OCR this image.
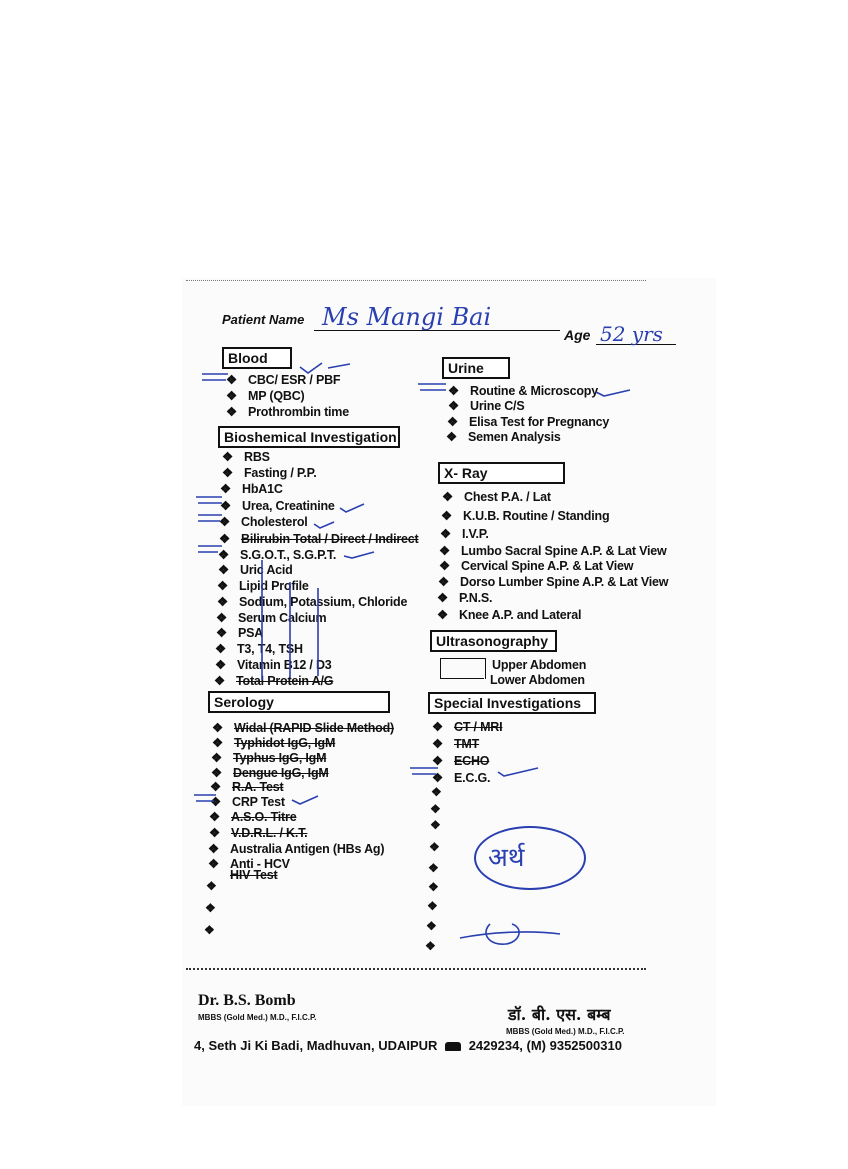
Patient Name Ms Mangi Bai
Age 52 yrs
Blood
Bioshemical Investigation
Serology
Urine
X- Ray
Ultrasonography
Special Investigations
❖ CBC/ ESR / PBF
❖ MP (QBC)
❖ Prothrombin time
❖ RBS
❖ Fasting / P.P.
❖ HbA1C
❖ Urea, Creatinine
❖ Cholesterol
❖ Bilirubin Total / Direct / Indirect
❖ S.G.O.T., S.G.P.T.
❖ Uric Acid
❖ Lipid Profile
❖ Sodium, Potassium, Chloride
❖ Serum Calcium
❖ PSA
❖ T3, T4, TSH
❖ Vitamin B12 / D3
❖ Total Protein A/G
❖ Widal (RAPID Slide Method)
❖ Typhidot IgG, IgM
❖ Typhus IgG, IgM
❖ Dengue IgG, IgM
❖ R.A. Test
❖ CRP Test
❖ A.S.O. Titre
❖ V.D.R.L. / K.T.
❖ Australia Antigen (HBs Ag)
❖ Anti - HCV
HIV Test
❖
❖
❖
❖ Routine & Microscopy
❖ Urine C/S
❖ Elisa Test for Pregnancy
❖ Semen Analysis
❖ Chest P.A. / Lat
❖ K.U.B. Routine / Standing
❖ I.V.P.
❖ Lumbo Sacral Spine A.P. & Lat View
❖ Cervical Spine A.P. & Lat View
❖ Dorso Lumber Spine A.P. & Lat View
❖ P.N.S.
❖ Knee A.P. and Lateral
Upper Abdomen
Lower Abdomen
❖ CT / MRI
❖ TMT
❖ ECHO
❖ E.C.G.
❖
❖
❖
❖
❖
❖
❖
❖
❖
अर्थ
Dr. B.S. Bomb
MBBS (Gold Med.) M.D., F.I.C.P.	डॉ. बी. एस. बम्ब
MBBS (Gold Med.) M.D., F.I.C.P.
4, Seth Ji Ki Badi, Madhuvan, UDAIPUR 2429234, (M) 9352500310
